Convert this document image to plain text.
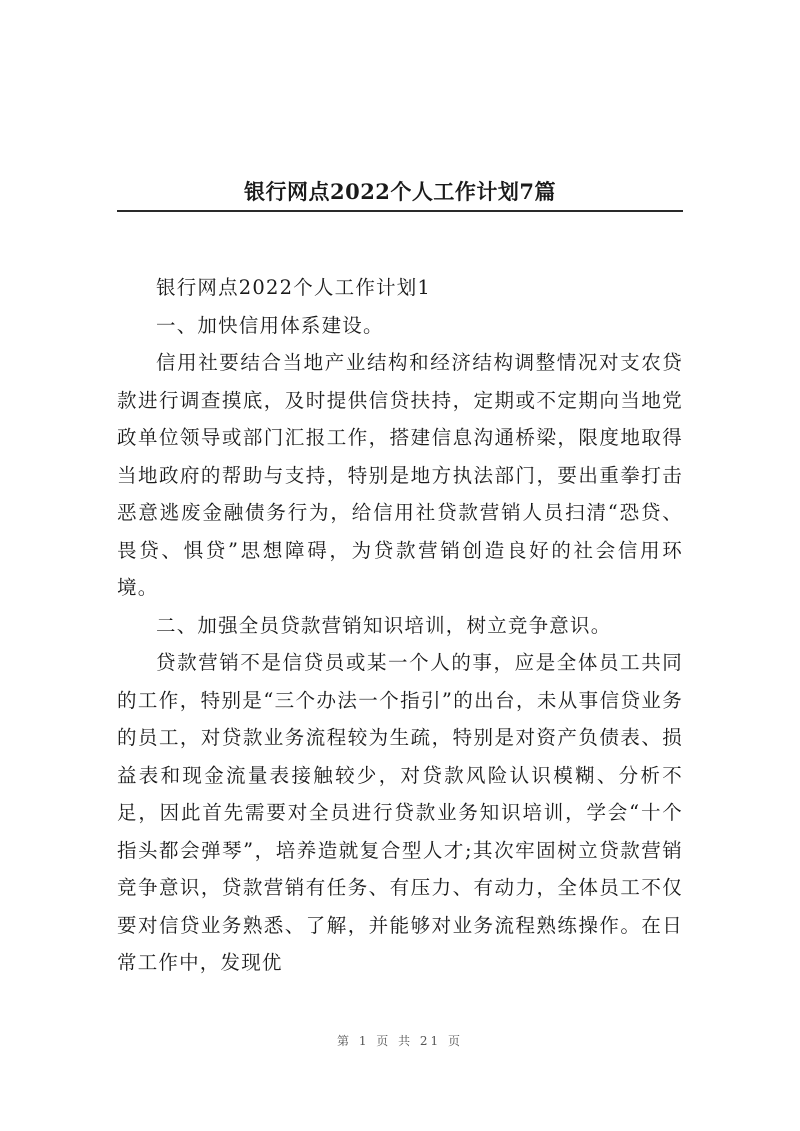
银行网点2022个人工作计划7篇

银行网点2022个人工作计划1

一、加快信用体系建设。

信用社要结合当地产业结构和经济结构调整情况对支农贷款进行调查摸底，及时提供信贷扶持，定期或不定期向当地党政单位领导或部门汇报工作，搭建信息沟通桥梁，限度地取得当地政府的帮助与支持，特别是地方执法部门，要出重拳打击恶意逃废金融债务行为，给信用社贷款营销人员扫清“恐贷、畏贷、惧贷”思想障碍，为贷款营销创造良好的社会信用环境。

二、加强全员贷款营销知识培训，树立竞争意识。

贷款营销不是信贷员或某一个人的事，应是全体员工共同的工作，特别是“三个办法一个指引”的出台，未从事信贷业务的员工，对贷款业务流程较为生疏，特别是对资产负债表、损益表和现金流量表接触较少，对贷款风险认识模糊、分析不足，因此首先需要对全员进行贷款业务知识培训，学会“十个指头都会弹琴”，培养造就复合型人才;其次牢固树立贷款营销竞争意识，贷款营销有任务、有压力、有动力，全体员工不仅要对信贷业务熟悉、了解，并能够对业务流程熟练操作。在日常工作中，发现优

第 1 页 共 21 页
